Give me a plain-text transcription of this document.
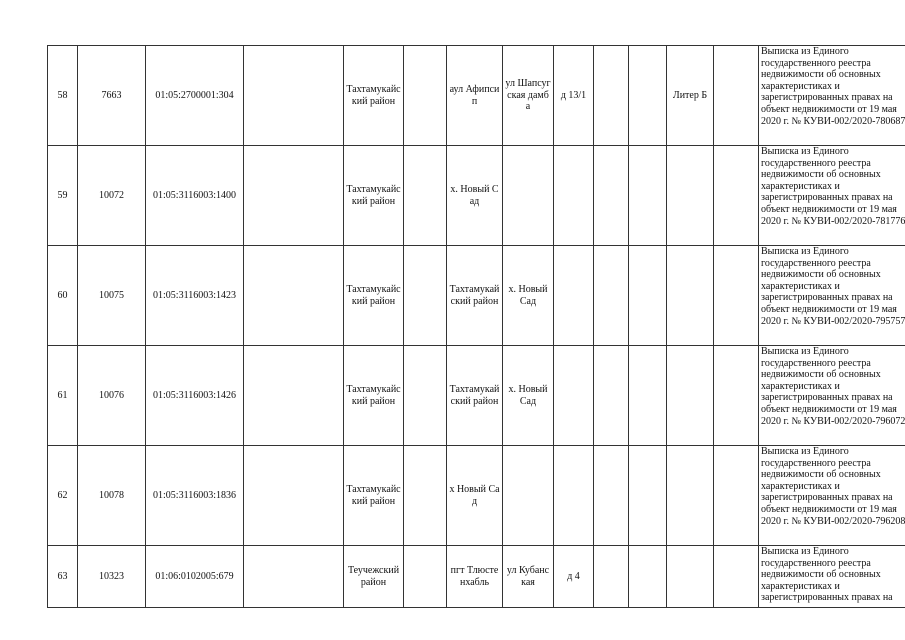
58	7663	01:05:2700001:304		Тахтамукайский район		аул Афипсип	ул Шапсугская дамба	д 13/1			Литер Б		Выписка из Единого государственного реестра недвижимости об основных характеристиках и зарегистрированных правах на объект недвижимости от 19 мая 2020 г. № КУВИ-002/2020-780687
59	10072	01:05:3116003:1400		Тахтамукайский район		х. Новый Сад							Выписка из Единого государственного реестра недвижимости об основных характеристиках и зарегистрированных правах на объект недвижимости от 19 мая 2020 г. № КУВИ-002/2020-781776
60	10075	01:05:3116003:1423		Тахтамукайский район		Тахтамукайский район	х. Новый Сад						Выписка из Единого государственного реестра недвижимости об основных характеристиках и зарегистрированных правах на объект недвижимости от 19 мая 2020 г. № КУВИ-002/2020-795757
61	10076	01:05:3116003:1426		Тахтамукайский район		Тахтамукайский район	х. Новый Сад						Выписка из Единого государственного реестра недвижимости об основных характеристиках и зарегистрированных правах на объект недвижимости от 19 мая 2020 г. № КУВИ-002/2020-796072
62	10078	01:05:3116003:1836		Тахтамукайский район		х Новый Сад							Выписка из Единого государственного реестра недвижимости об основных характеристиках и зарегистрированных правах на объект недвижимости от 19 мая 2020 г. № КУВИ-002/2020-796208
63	10323	01:06:0102005:679		Теучежский район		пгт Тлюстенхабль	ул Кубанская	д 4					Выписка из Единого государственного реестра недвижимости об основных характеристиках и зарегистрированных правах на
